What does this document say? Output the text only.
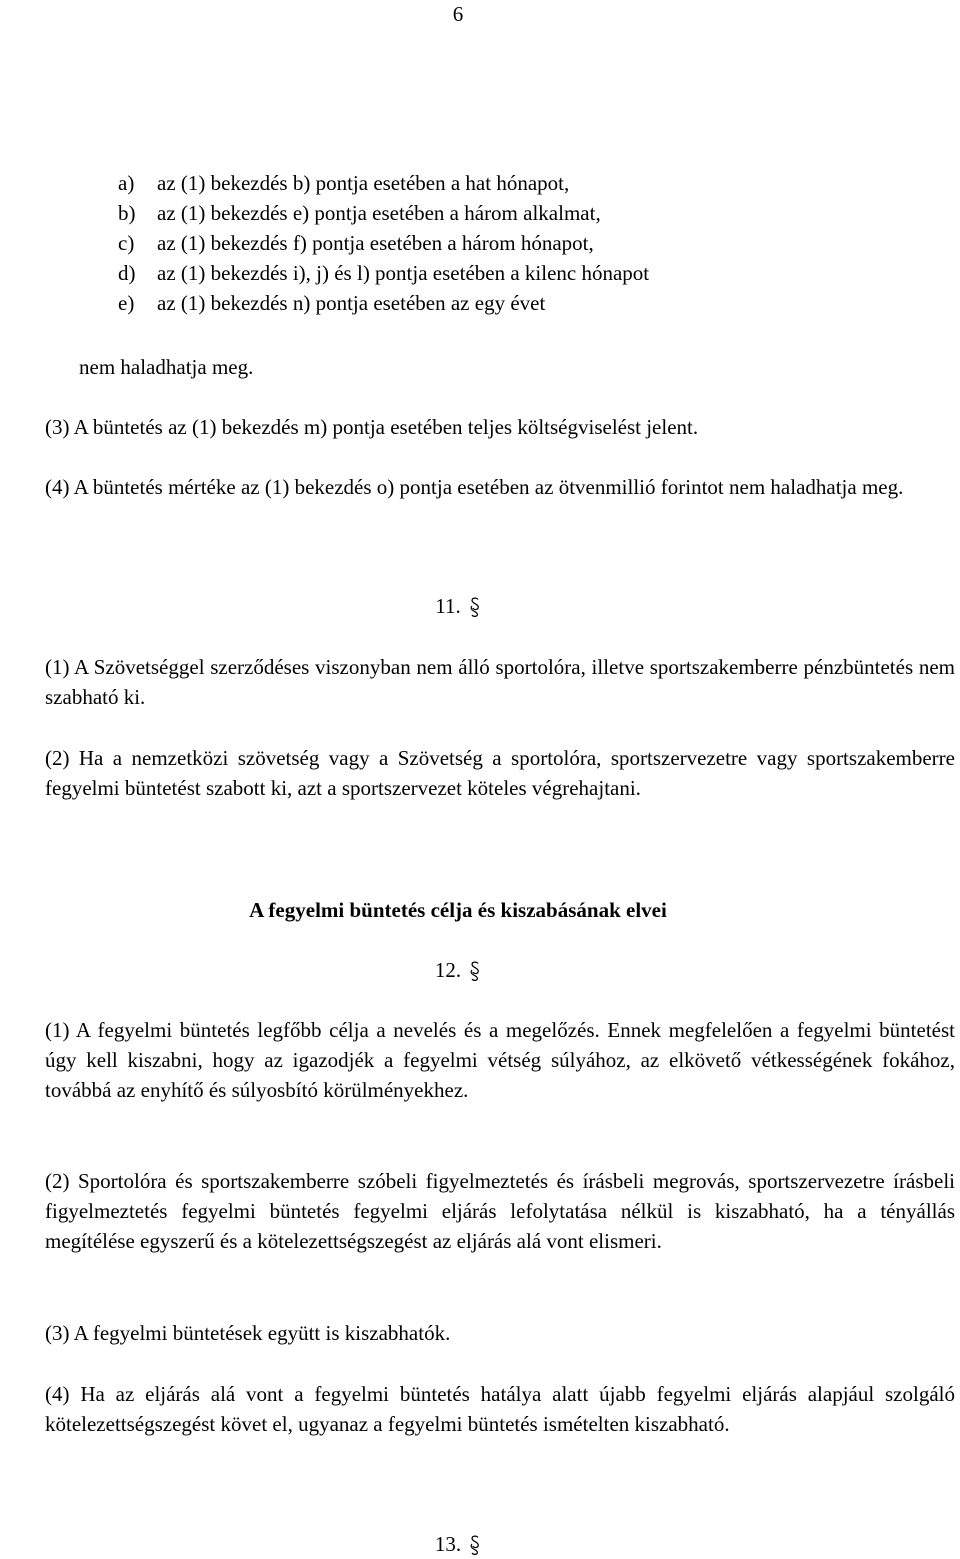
6
a)	az (1) bekezdés b) pontja esetében a hat hónapot,
b)	az (1) bekezdés e) pontja esetében a három alkalmat,
c)	az (1) bekezdés f) pontja esetében a három hónapot,
d)	az (1) bekezdés i), j) és l) pontja esetében a kilenc hónapot
e)	az (1) bekezdés n) pontja esetében az egy évet
nem haladhatja meg.
(3) A büntetés az (1) bekezdés m) pontja esetében teljes költségviselést jelent.
(4) A büntetés mértéke az (1) bekezdés o) pontja esetében az ötvenmillió forintot nem haladhatja meg.
11.
(1) A Szövetséggel szerződéses viszonyban nem álló sportolóra, illetve sportszakemberre pénzbüntetés nem szabható ki.
(2) Ha a nemzetközi szövetség vagy a Szövetség a sportolóra, sportszervezetre vagy sportszakemberre fegyelmi büntetést szabott ki, azt a sportszervezet köteles végrehajtani.
A fegyelmi büntetés célja és kiszabásának elvei
12.
(1) A fegyelmi büntetés legfőbb célja a nevelés és a megelőzés. Ennek megfelelően a fegyelmi büntetést úgy kell kiszabni, hogy az igazodjék a fegyelmi vétség súlyához, az elkövető vétkességének fokához, továbbá az enyhítő és súlyosbító körülményekhez.
(2) Sportolóra és sportszakemberre szóbeli figyelmeztetés és írásbeli megrovás, sportszervezetre írásbeli figyelmeztetés fegyelmi büntetés fegyelmi eljárás lefolytatása nélkül is kiszabható, ha a tényállás megítélése egyszerű és a kötelezettségszegést az eljárás alá vont elismeri.
(3) A fegyelmi büntetések együtt is kiszabhatók.
(4) Ha az eljárás alá vont a fegyelmi büntetés hatálya alatt újabb fegyelmi eljárás alapjául szolgáló kötelezettségszegést követ el, ugyanaz a fegyelmi büntetés ismételten kiszabható.
13.
